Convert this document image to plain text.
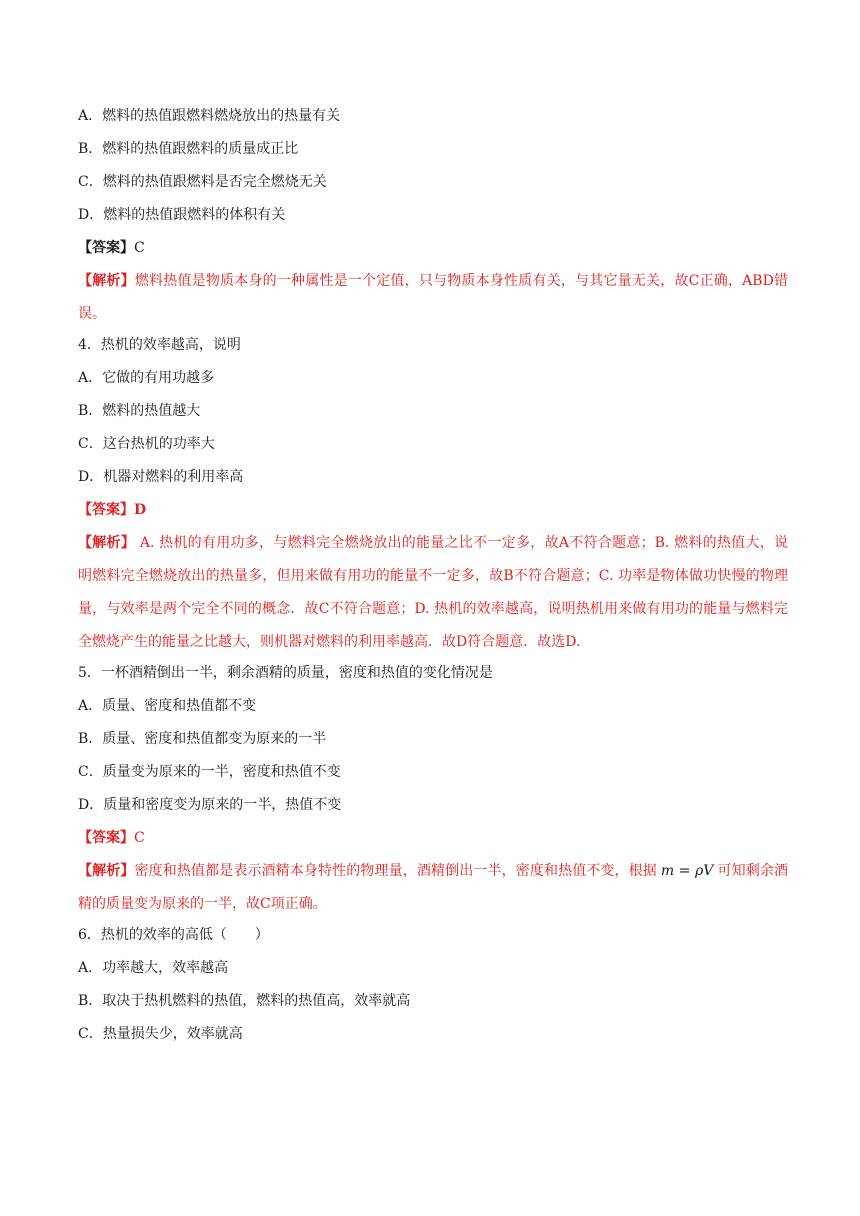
A．燃料的热值跟燃料燃烧放出的热量有关
B．燃料的热值跟燃料的质量成正比
C．燃料的热值跟燃料是否完全燃烧无关
D．燃料的热值跟燃料的体积有关
【答案】C
【解析】燃料热值是物质本身的一种属性是一个定值，只与物质本身性质有关，与其它量无关，故C正确，ABD错误。
4．热机的效率越高，说明
A．它做的有用功越多
B．燃料的热值越大
C．这台热机的功率大
D．机器对燃料的利用率高
【答案】D
【解析】 A. 热机的有用功多，与燃料完全燃烧放出的能量之比不一定多，故A不符合题意；B. 燃料的热值大，说明燃料完全燃烧放出的热量多，但用来做有用功的能量不一定多，故B不符合题意；C. 功率是物体做功快慢的物理量，与效率是两个完全不同的概念．故C不符合题意；D. 热机的效率越高，说明热机用来做有用功的能量与燃料完全燃烧产生的能量之比越大，则机器对燃料的利用率越高．故D符合题意．故选D.
5．一杯酒精倒出一半，剩余酒精的质量，密度和热值的变化情况是
A．质量、密度和热值都不变
B．质量、密度和热值都变为原来的一半
C．质量变为原来的一半，密度和热值不变
D．质量和密度变为原来的一半，热值不变
【答案】C
【解析】密度和热值都是表示酒精本身特性的物理量，酒精倒出一半，密度和热值不变，根据 m = ρV 可知剩余酒精的质量变为原来的一半，故C项正确。
6．热机的效率的高低（　　）
A．功率越大，效率越高
B．取决于热机燃料的热值，燃料的热值高，效率就高
C．热量损失少，效率就高
